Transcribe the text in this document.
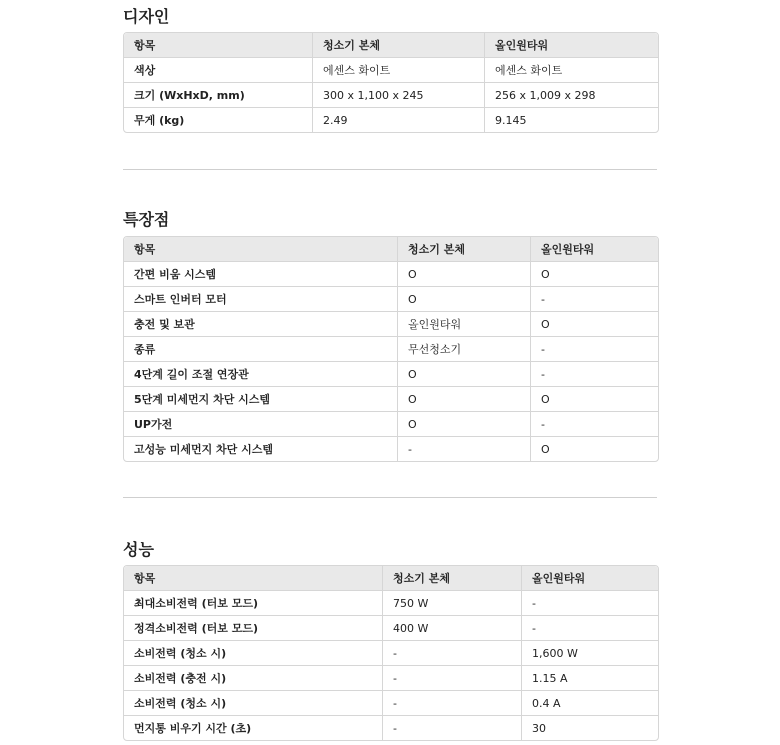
디자인
항목	청소기 본체	올인원타워
색상	에센스 화이트	에센스 화이트
크기 (WxHxD, mm)	300 x 1,100 x 245	256 x 1,009 x 298
무게 (kg)	2.49	9.145
특장점
항목	청소기 본체	올인원타워
간편 비움 시스템	O	O
스마트 인버터 모터	O	-
충전 및 보관	올인원타워	O
종류	무선청소기	-
4단계 길이 조절 연장관	O	-
5단계 미세먼지 차단 시스템	O	O
UP가전	O	-
고성능 미세먼지 차단 시스템	-	O
성능
항목	청소기 본체	올인원타워
최대소비전력 (터보 모드)	750 W	-
정격소비전력 (터보 모드)	400 W	-
소비전력 (청소 시)	-	1,600 W
소비전력 (충전 시)	-	1.15 A
소비전력 (청소 시)	-	0.4 A
먼지통 비우기 시간 (초)	-	30
